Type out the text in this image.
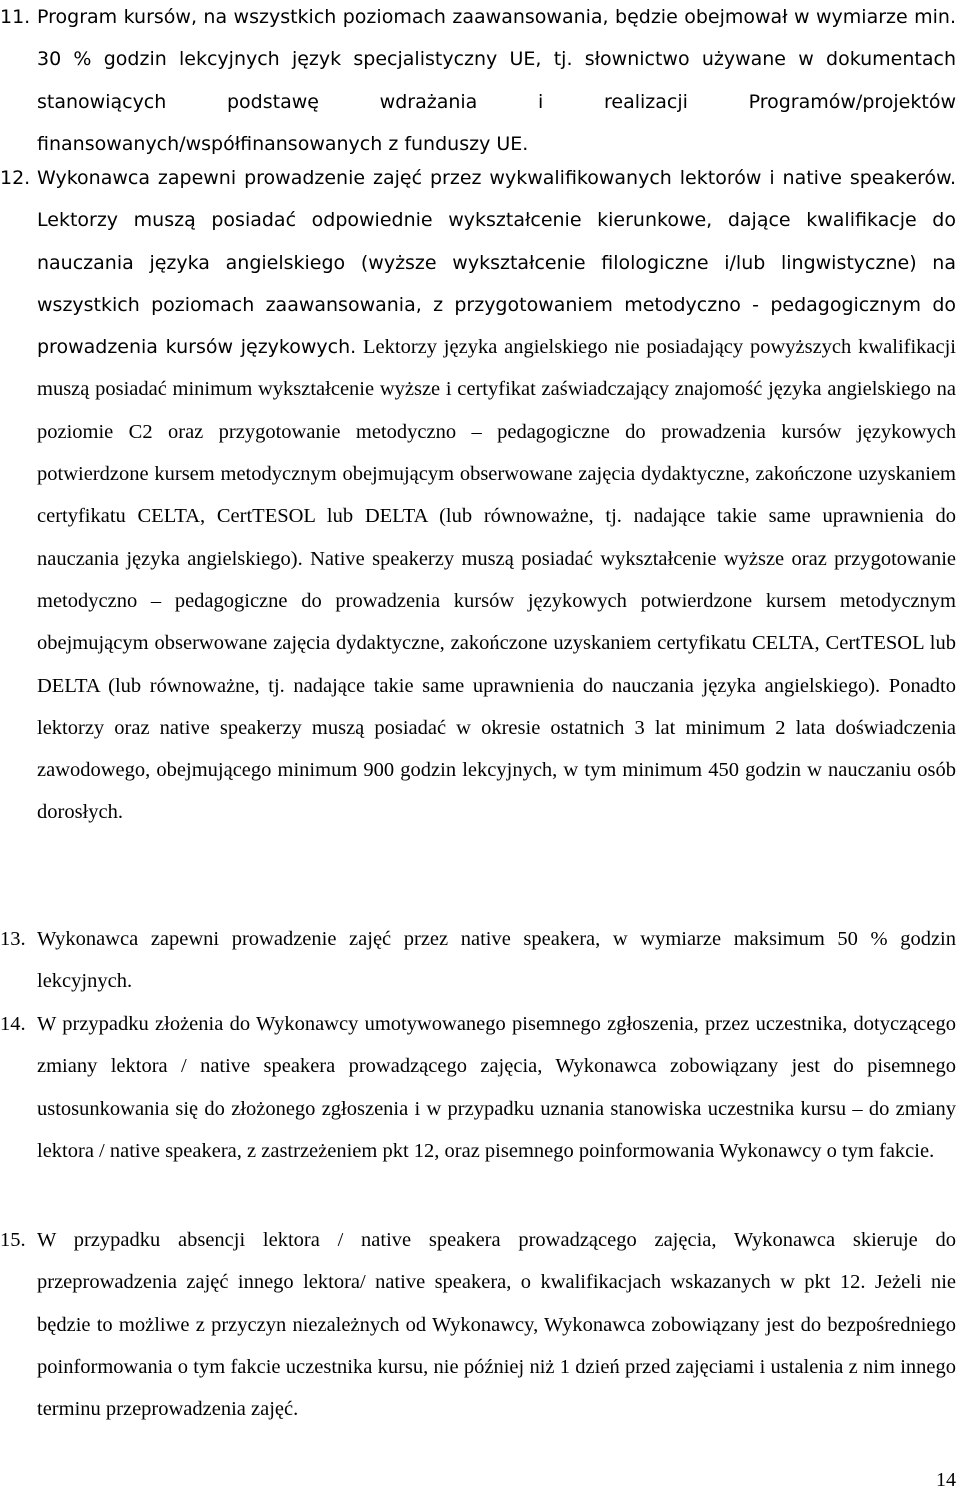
11. Program kursów, na wszystkich poziomach zaawansowania, będzie obejmował w wymiarze min. 30 % godzin lekcyjnych język specjalistyczny UE, tj. słownictwo używane w dokumentach stanowiących podstawę wdrażania i realizacji Programów/projektów finansowanych/współfinansowanych z funduszy UE.
12. Wykonawca zapewni prowadzenie zajęć przez wykwalifikowanych lektorów i native speakerów. Lektorzy muszą posiadać odpowiednie wykształcenie kierunkowe, dające kwalifikacje do nauczania języka angielskiego (wyższe wykształcenie filologiczne i/lub lingwistyczne) na wszystkich poziomach zaawansowania, z przygotowaniem metodyczno - pedagogicznym do prowadzenia kursów językowych. Lektorzy języka angielskiego nie posiadający powyższych kwalifikacji muszą posiadać minimum wykształcenie wyższe i certyfikat zaświadczający znajomość języka angielskiego na poziomie C2 oraz przygotowanie metodyczno – pedagogiczne do prowadzenia kursów językowych potwierdzone kursem metodycznym obejmującym obserwowane zajęcia dydaktyczne, zakończone uzyskaniem certyfikatu CELTA, CertTESOL lub DELTA (lub równoważne, tj. nadające takie same uprawnienia do nauczania języka angielskiego). Native speakerzy muszą posiadać wykształcenie wyższe oraz przygotowanie metodyczno – pedagogiczne do prowadzenia kursów językowych potwierdzone kursem metodycznym obejmującym obserwowane zajęcia dydaktyczne, zakończone uzyskaniem certyfikatu CELTA, CertTESOL lub DELTA (lub równoważne, tj. nadające takie same uprawnienia do nauczania języka angielskiego). Ponadto lektorzy oraz native speakerzy muszą posiadać w okresie ostatnich 3 lat minimum 2 lata doświadczenia zawodowego, obejmującego minimum 900 godzin lekcyjnych, w tym minimum 450 godzin w nauczaniu osób dorosłych.
13. Wykonawca zapewni prowadzenie zajęć przez native speakera, w wymiarze maksimum 50 % godzin lekcyjnych.
14. W przypadku złożenia do Wykonawcy umotywowanego pisemnego zgłoszenia, przez uczestnika, dotyczącego zmiany lektora / native speakera prowadzącego zajęcia, Wykonawca zobowiązany jest do pisemnego ustosunkowania się do złożonego zgłoszenia i w przypadku uznania stanowiska uczestnika kursu – do zmiany lektora / native speakera, z zastrzeżeniem pkt 12, oraz pisemnego poinformowania Wykonawcy o tym fakcie.
15. W przypadku absencji lektora / native speakera prowadzącego zajęcia, Wykonawca skieruje do przeprowadzenia zajęć innego lektora/ native speakera, o kwalifikacjach wskazanych w pkt 12. Jeżeli nie będzie to możliwe z przyczyn niezależnych od Wykonawcy, Wykonawca zobowiązany jest do bezpośredniego poinformowania o tym fakcie uczestnika kursu, nie później niż 1 dzień przed zajęciami i ustalenia z nim innego terminu przeprowadzenia zajęć.
14
